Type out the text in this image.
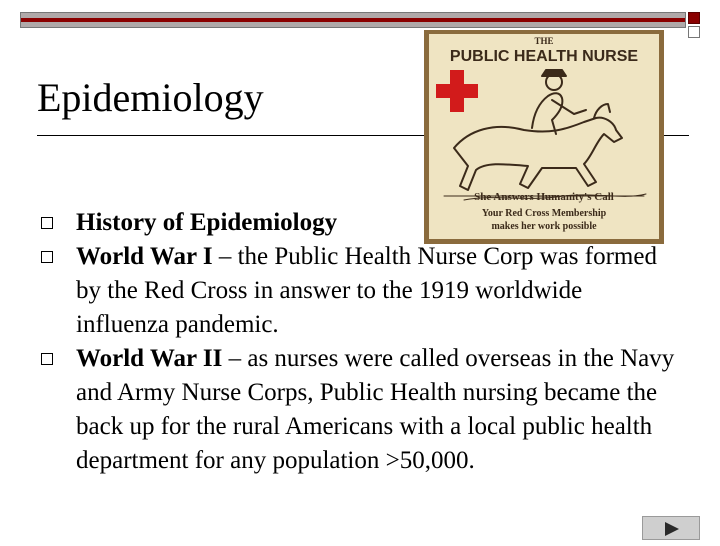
Epidemiology
THE
PUBLIC HEALTH NURSE
She Answers Humanity's Call
Your Red Cross Membership
makes her work possible
History of Epidemiology
World War I – the Public Health Nurse Corp was formed by the Red Cross in answer to the 1919 worldwide influenza pandemic.
World War II – as nurses were called overseas in the Navy and Army Nurse Corps, Public Health nursing became the back up for the rural Americans with a local public health department for any population >50,000.
